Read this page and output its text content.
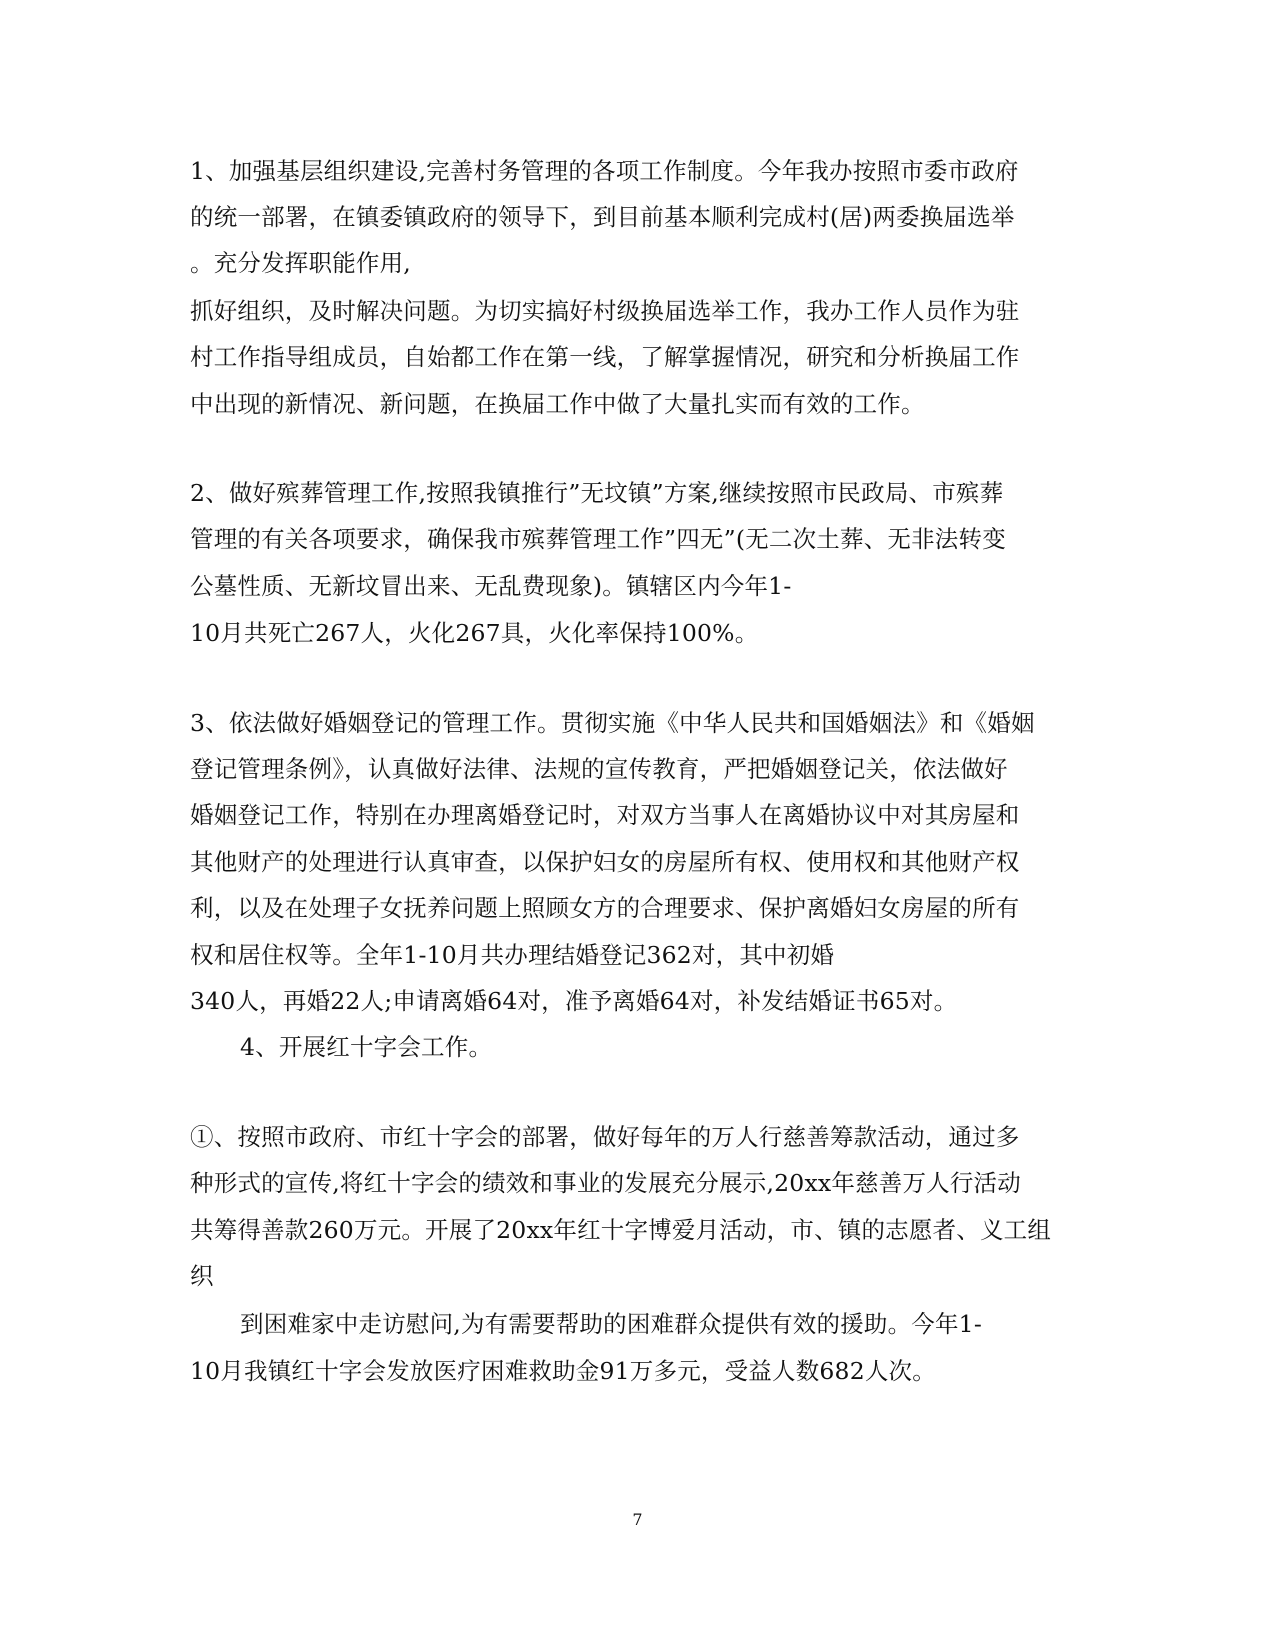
1、加强基层组织建设,完善村务管理的各项工作制度。今年我办按照市委市政府
的统一部署，在镇委镇政府的领导下，到目前基本顺利完成村(居)两委换届选举
。充分发挥职能作用,
抓好组织，及时解决问题。为切实搞好村级换届选举工作，我办工作人员作为驻
村工作指导组成员，自始都工作在第一线，了解掌握情况，研究和分析换届工作
中出现的新情况、新问题，在换届工作中做了大量扎实而有效的工作。
2、做好殡葬管理工作,按照我镇推行”无坟镇”方案,继续按照市民政局、市殡葬
管理的有关各项要求，确保我市殡葬管理工作”四无”(无二次土葬、无非法转变
公墓性质、无新坟冒出来、无乱费现象)。镇辖区内今年1-
10月共死亡267人，火化267具，火化率保持100%。
3、依法做好婚姻登记的管理工作。贯彻实施《中华人民共和国婚姻法》和《婚姻
登记管理条例》，认真做好法律、法规的宣传教育，严把婚姻登记关，依法做好
婚姻登记工作，特别在办理离婚登记时，对双方当事人在离婚协议中对其房屋和
其他财产的处理进行认真审查，以保护妇女的房屋所有权、使用权和其他财产权
利，以及在处理子女抚养问题上照顾女方的合理要求、保护离婚妇女房屋的所有
权和居住权等。全年1-10月共办理结婚登记362对，其中初婚
340人，再婚22人;申请离婚64对，准予离婚64对，补发结婚证书65对。
4、开展红十字会工作。
①、按照市政府、市红十字会的部署，做好每年的万人行慈善筹款活动，通过多
种形式的宣传,将红十字会的绩效和事业的发展充分展示,20xx年慈善万人行活动
共筹得善款260万元。开展了20xx年红十字博爱月活动，市、镇的志愿者、义工组
织
到困难家中走访慰问,为有需要帮助的困难群众提供有效的援助。今年1-
10月我镇红十字会发放医疗困难救助金91万多元，受益人数682人次。
7
